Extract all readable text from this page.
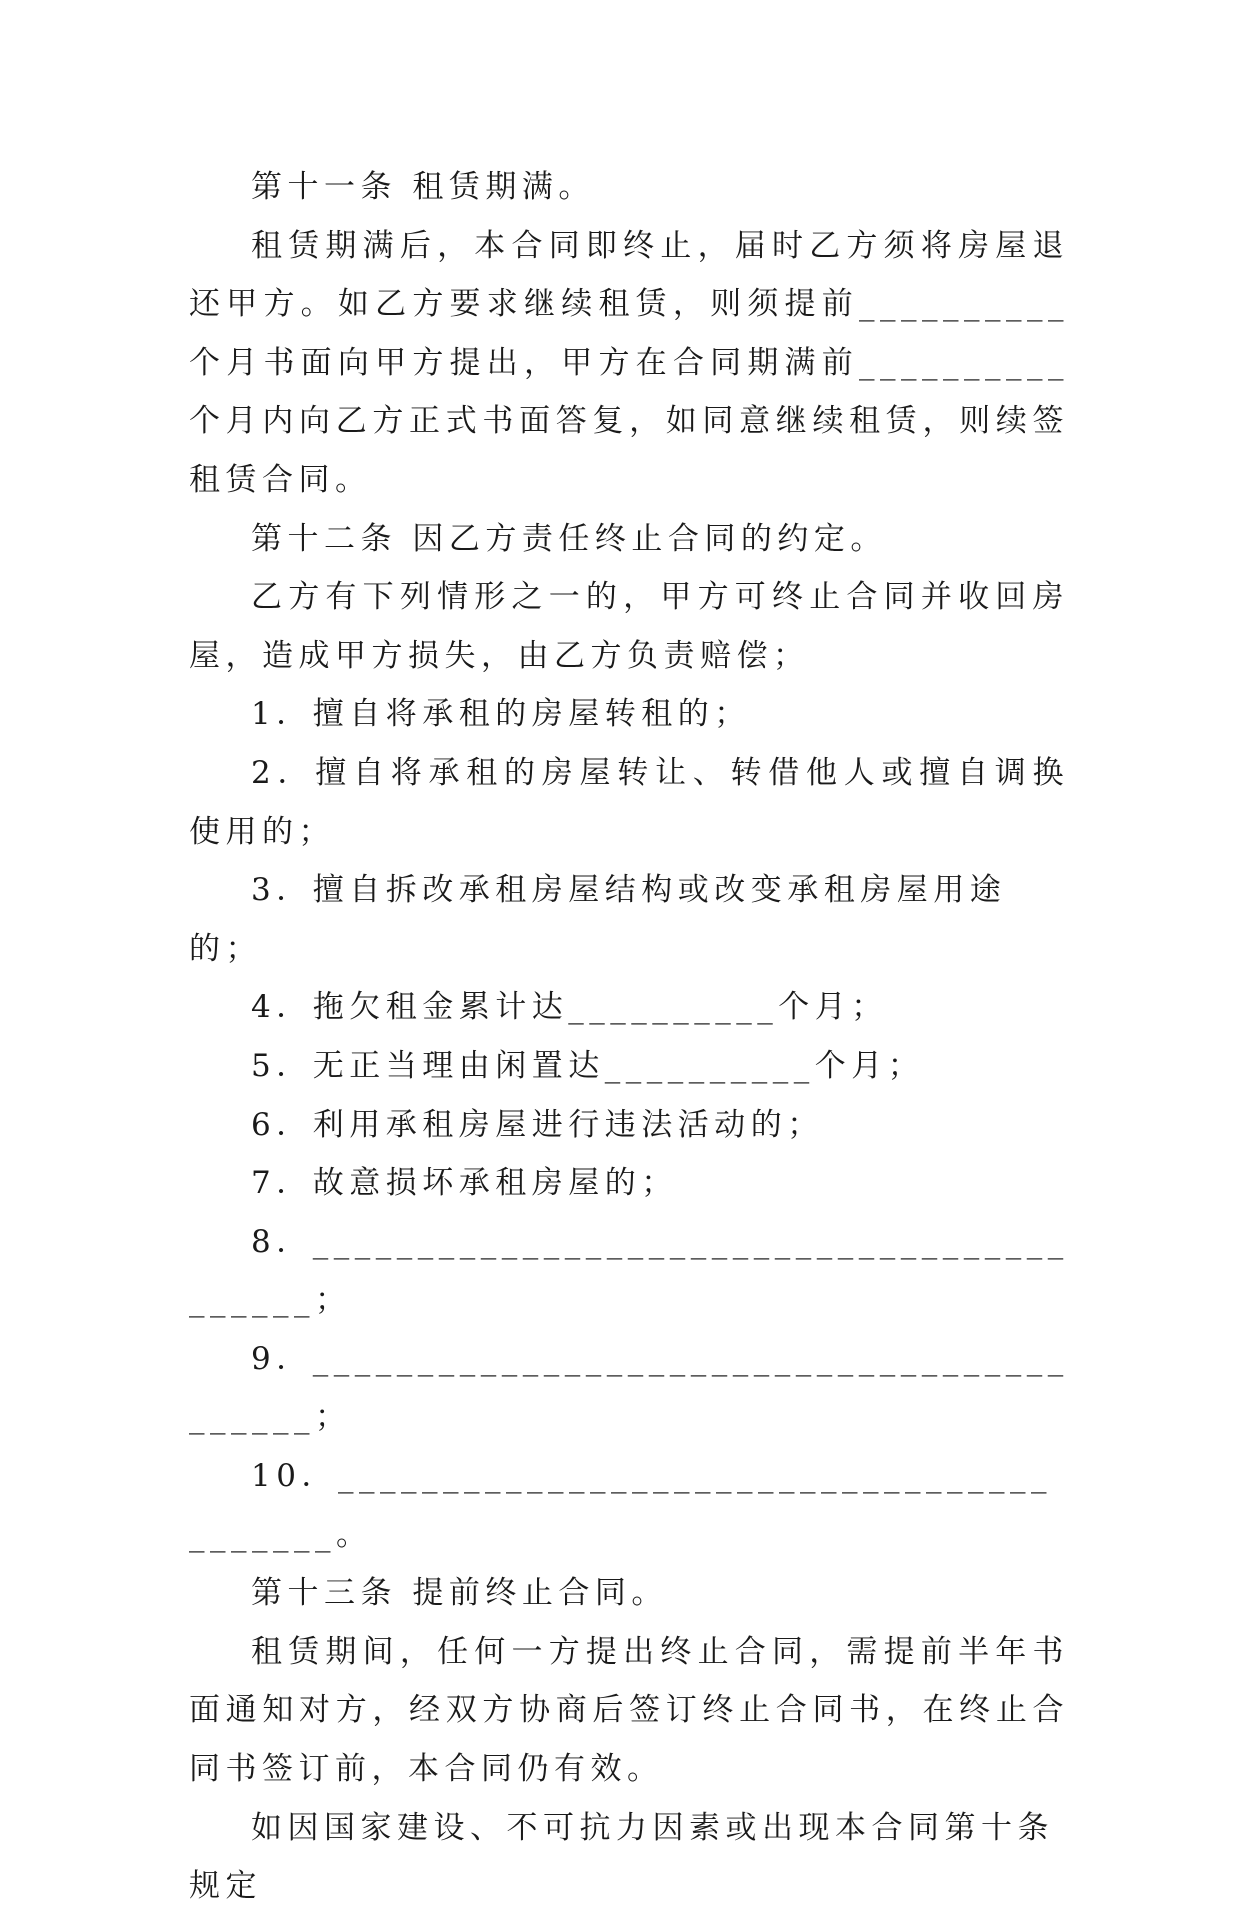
第十一条 租赁期满。

租赁期满后，本合同即终止，届时乙方须将房屋退还甲方。如乙方要求继续租赁，则须提前__________个月书面向甲方提出，甲方在合同期满前__________个月内向乙方正式书面答复，如同意继续租赁，则续签租赁合同。

第十二条 因乙方责任终止合同的约定。

乙方有下列情形之一的，甲方可终止合同并收回房屋，造成甲方损失，由乙方负责赔偿；

1．擅自将承租的房屋转租的；

2．擅自将承租的房屋转让、转借他人或擅自调换使用的；

3．擅自拆改承租房屋结构或改变承租房屋用途的；

4．拖欠租金累计达__________个月；

5．无正当理由闲置达__________个月；

6．利用承租房屋进行违法活动的；

7．故意损坏承租房屋的；

8．__________________________________________；

9．__________________________________________；

10．_________________________________________。

第十三条 提前终止合同。

租赁期间，任何一方提出终止合同，需提前半年书面通知对方，经双方协商后签订终止合同书，在终止合同书签订前，本合同仍有效。

如因国家建设、不可抗力因素或出现本合同第十条规定
